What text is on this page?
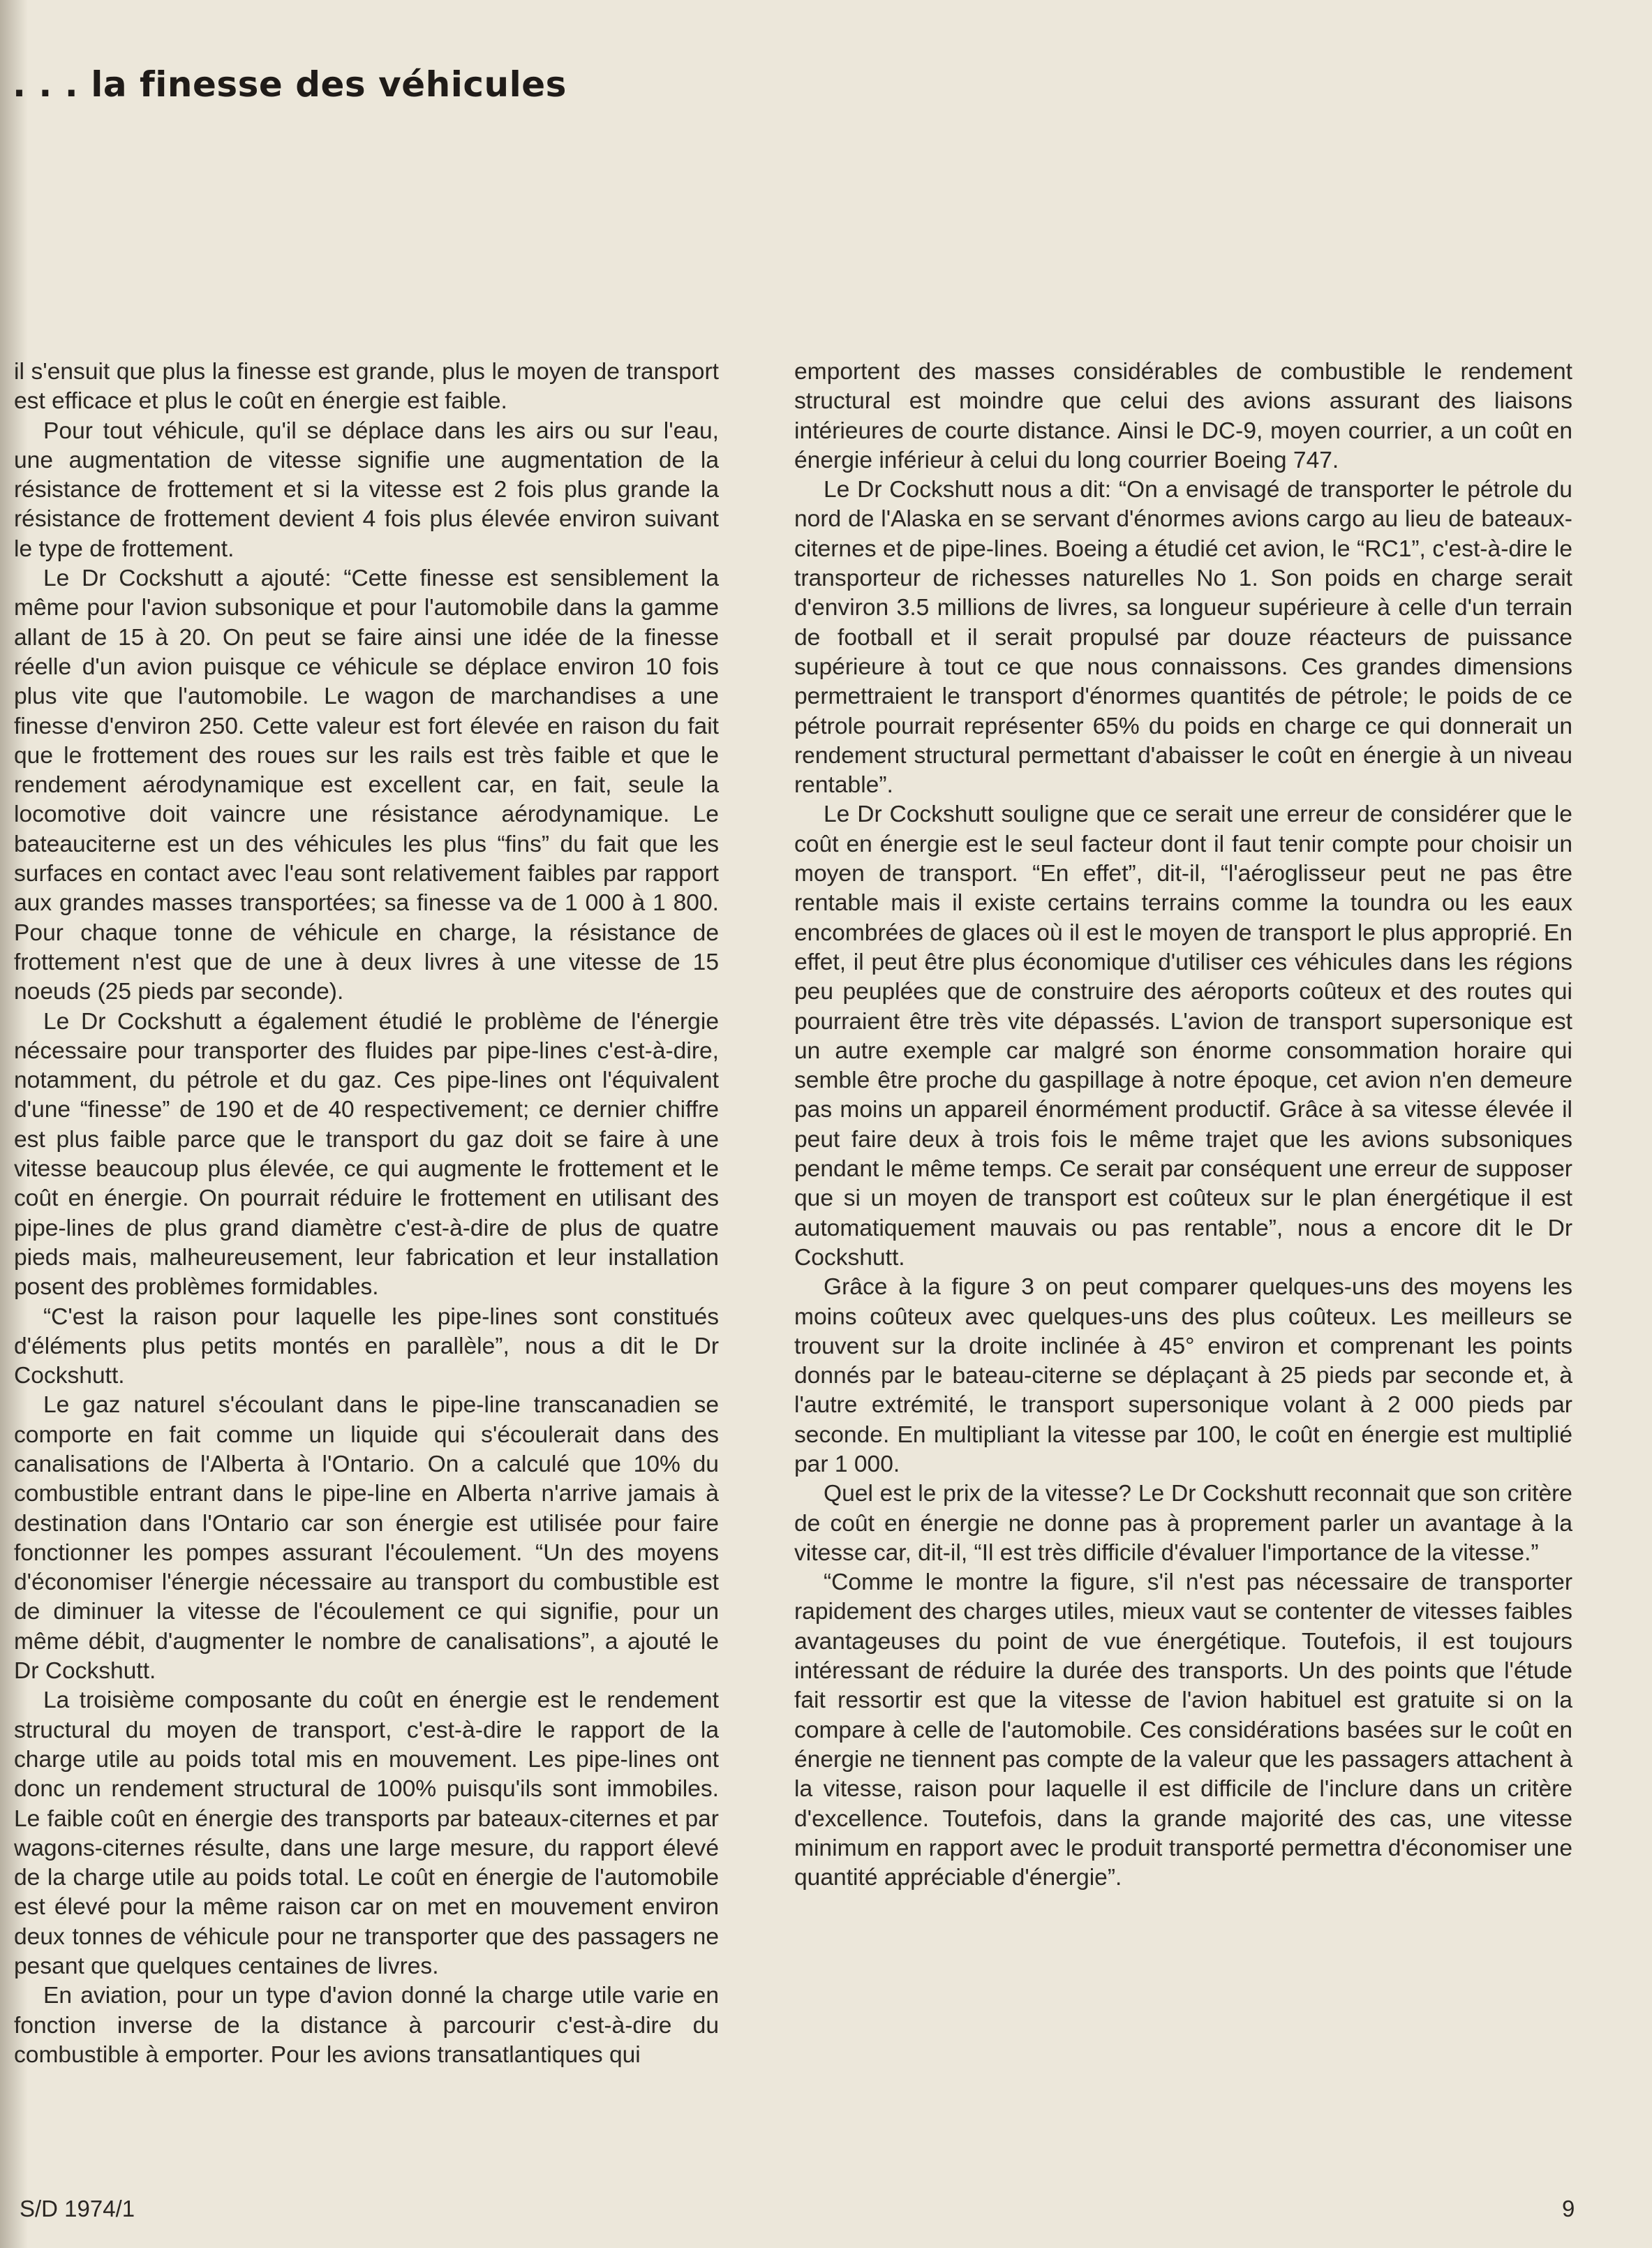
. . . la finesse des véhicules

il s'ensuit que plus la finesse est grande, plus le moyen de transport est efficace et plus le coût en énergie est faible.

Pour tout véhicule, qu'il se déplace dans les airs ou sur l'eau, une augmentation de vitesse signifie une augmentation de la résistance de frottement et si la vitesse est 2 fois plus grande la résistance de frottement devient 4 fois plus élevée environ suivant le type de frottement.

Le Dr Cockshutt a ajouté: “Cette finesse est sensiblement la même pour l'avion subsonique et pour l'automobile dans la gamme allant de 15 à 20. On peut se faire ainsi une idée de la finesse réelle d'un avion puisque ce véhicule se déplace environ 10 fois plus vite que l'automobile. Le wagon de marchandises a une finesse d'environ 250. Cette valeur est fort élevée en raison du fait que le frottement des roues sur les rails est très faible et que le rendement aérodynamique est excellent car, en fait, seule la locomotive doit vaincre une résistance aérodynamique. Le bateauciterne est un des véhicules les plus “fins” du fait que les surfaces en contact avec l'eau sont relativement faibles par rapport aux grandes masses transportées; sa finesse va de 1 000 à 1 800. Pour chaque tonne de véhicule en charge, la résistance de frottement n'est que de une à deux livres à une vitesse de 15 noeuds (25 pieds par seconde).

Le Dr Cockshutt a également étudié le problème de l'énergie nécessaire pour transporter des fluides par pipe-lines c'est-à-dire, notamment, du pétrole et du gaz. Ces pipe-lines ont l'équivalent d'une “finesse” de 190 et de 40 respectivement; ce dernier chiffre est plus faible parce que le transport du gaz doit se faire à une vitesse beaucoup plus élevée, ce qui augmente le frottement et le coût en énergie. On pourrait réduire le frottement en utilisant des pipe-lines de plus grand diamètre c'est-à-dire de plus de quatre pieds mais, malheureusement, leur fabrication et leur installation posent des problèmes formidables.

“C'est la raison pour laquelle les pipe-lines sont constitués d'éléments plus petits montés en parallèle”, nous a dit le Dr Cockshutt.

Le gaz naturel s'écoulant dans le pipe-line transcanadien se comporte en fait comme un liquide qui s'écoulerait dans des canalisations de l'Alberta à l'Ontario. On a calculé que 10% du combustible entrant dans le pipe-line en Alberta n'arrive jamais à destination dans l'Ontario car son énergie est utilisée pour faire fonctionner les pompes assurant l'écoulement. “Un des moyens d'économiser l'énergie nécessaire au transport du combustible est de diminuer la vitesse de l'écoulement ce qui signifie, pour un même débit, d'augmenter le nombre de canalisations”, a ajouté le Dr Cockshutt.

La troisième composante du coût en énergie est le rendement structural du moyen de transport, c'est-à-dire le rapport de la charge utile au poids total mis en mouvement. Les pipe-lines ont donc un rendement structural de 100% puisqu'ils sont immobiles. Le faible coût en énergie des transports par bateaux-citernes et par wagons-citernes résulte, dans une large mesure, du rapport élevé de la charge utile au poids total. Le coût en énergie de l'automobile est élevé pour la même raison car on met en mouvement environ deux tonnes de véhicule pour ne transporter que des passagers ne pesant que quelques centaines de livres.

En aviation, pour un type d'avion donné la charge utile varie en fonction inverse de la distance à parcourir c'est-à-dire du combustible à emporter. Pour les avions transatlantiques qui

emportent des masses considérables de combustible le rendement structural est moindre que celui des avions assurant des liaisons intérieures de courte distance. Ainsi le DC-9, moyen courrier, a un coût en énergie inférieur à celui du long courrier Boeing 747.

Le Dr Cockshutt nous a dit: “On a envisagé de transporter le pétrole du nord de l'Alaska en se servant d'énormes avions cargo au lieu de bateaux-citernes et de pipe-lines. Boeing a étudié cet avion, le “RC1”, c'est-à-dire le transporteur de richesses naturelles No 1. Son poids en charge serait d'environ 3.5 millions de livres, sa longueur supérieure à celle d'un terrain de football et il serait propulsé par douze réacteurs de puissance supérieure à tout ce que nous connaissons. Ces grandes dimensions permettraient le transport d'énormes quantités de pétrole; le poids de ce pétrole pourrait représenter 65% du poids en charge ce qui donnerait un rendement structural permettant d'abaisser le coût en énergie à un niveau rentable”.

Le Dr Cockshutt souligne que ce serait une erreur de considérer que le coût en énergie est le seul facteur dont il faut tenir compte pour choisir un moyen de transport. “En effet”, dit-il, “l'aéroglisseur peut ne pas être rentable mais il existe certains terrains comme la toundra ou les eaux encombrées de glaces où il est le moyen de transport le plus approprié. En effet, il peut être plus économique d'utiliser ces véhicules dans les régions peu peuplées que de construire des aéroports coûteux et des routes qui pourraient être très vite dépassés. L'avion de transport supersonique est un autre exemple car malgré son énorme consommation horaire qui semble être proche du gaspillage à notre époque, cet avion n'en demeure pas moins un appareil énormément productif. Grâce à sa vitesse élevée il peut faire deux à trois fois le même trajet que les avions subsoniques pendant le même temps. Ce serait par conséquent une erreur de supposer que si un moyen de transport est coûteux sur le plan énergétique il est automatiquement mauvais ou pas rentable”, nous a encore dit le Dr Cockshutt.

Grâce à la figure 3 on peut comparer quelques-uns des moyens les moins coûteux avec quelques-uns des plus coûteux. Les meilleurs se trouvent sur la droite inclinée à 45° environ et comprenant les points donnés par le bateau-citerne se déplaçant à 25 pieds par seconde et, à l'autre extrémité, le transport supersonique volant à 2 000 pieds par seconde. En multipliant la vitesse par 100, le coût en énergie est multiplié par 1 000.

Quel est le prix de la vitesse? Le Dr Cockshutt reconnait que son critère de coût en énergie ne donne pas à proprement parler un avantage à la vitesse car, dit-il, “Il est très difficile d'évaluer l'importance de la vitesse.”

“Comme le montre la figure, s'il n'est pas nécessaire de transporter rapidement des charges utiles, mieux vaut se contenter de vitesses faibles avantageuses du point de vue énergétique. Toutefois, il est toujours intéressant de réduire la durée des transports. Un des points que l'étude fait ressortir est que la vitesse de l'avion habituel est gratuite si on la compare à celle de l'automobile. Ces considérations basées sur le coût en énergie ne tiennent pas compte de la valeur que les passagers attachent à la vitesse, raison pour laquelle il est difficile de l'inclure dans un critère d'excellence. Toutefois, dans la grande majorité des cas, une vitesse minimum en rapport avec le produit transporté permettra d'économiser une quantité appréciable d'énergie”.

S/D 1974/1	9
